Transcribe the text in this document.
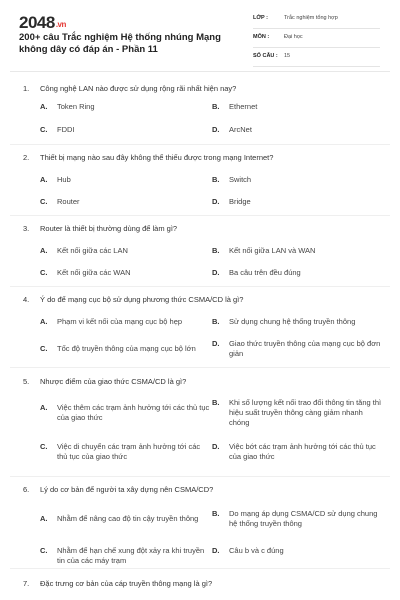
2048.vn
200+ câu Trắc nghiệm Hệ thống nhúng Mạng không dây có đáp án - Phần 11
LỚP :	Trắc nghiệm tổng hợp
MÔN :	Đại học
SỐ CÂU : 15
1. Công nghệ LAN nào được sử dụng rộng rãi nhất hiện nay?
A. Token Ring	B. Ethernet
C. FDDI	D. ArcNet
2. Thiết bị mạng nào sau đây không thể thiếu được trong mạng Internet?
A. Hub	B. Switch
C. Router	D. Bridge
3. Router là thiết bị thường dùng để làm gì?
A. Kết nối giữa các LAN	B. Kết nối giữa LAN và WAN
C. Kết nối giữa các WAN	D. Ba câu trên đều đúng
4. Ý do để mạng cục bộ sử dụng phương thức CSMA/CD là gì?
A. Phạm vi kết nối của mạng cục bộ hẹp	B. Sử dụng chung hệ thống truyền thông
C. Tốc độ truyền thông của mạng cục bộ lớn
D. Giao thức truyền thông của mạng cục bộ đơn giản
5. Nhược điểm của giao thức CSMA/CD là gì?
A. Việc thêm các trạm ảnh hưởng tới các thủ tục của giao thức
B. Khi số lượng kết nối trao đổi thông tin tăng thì hiệu suất truyền thông càng giảm nhanh chóng
C. Việc di chuyển các trạm ảnh hưởng tới các thủ tục của giao thức
D. Việc bớt các trạm ảnh hưởng tới các thủ tục của giao thức
6. Lý do cơ bản để người ta xây dựng nên CSMA/CD?
A. Nhằm để nâng cao độ tin cậy truyền thông
B. Do mạng áp dụng CSMA/CD sử dụng chung hệ thống truyền thông
C. Nhằm để hạn chế xung đột xảy ra khi truyền tin của các máy trạm
D. Câu b và c đúng
7. Đặc trưng cơ bản của cáp truyền thông mạng là gì?
